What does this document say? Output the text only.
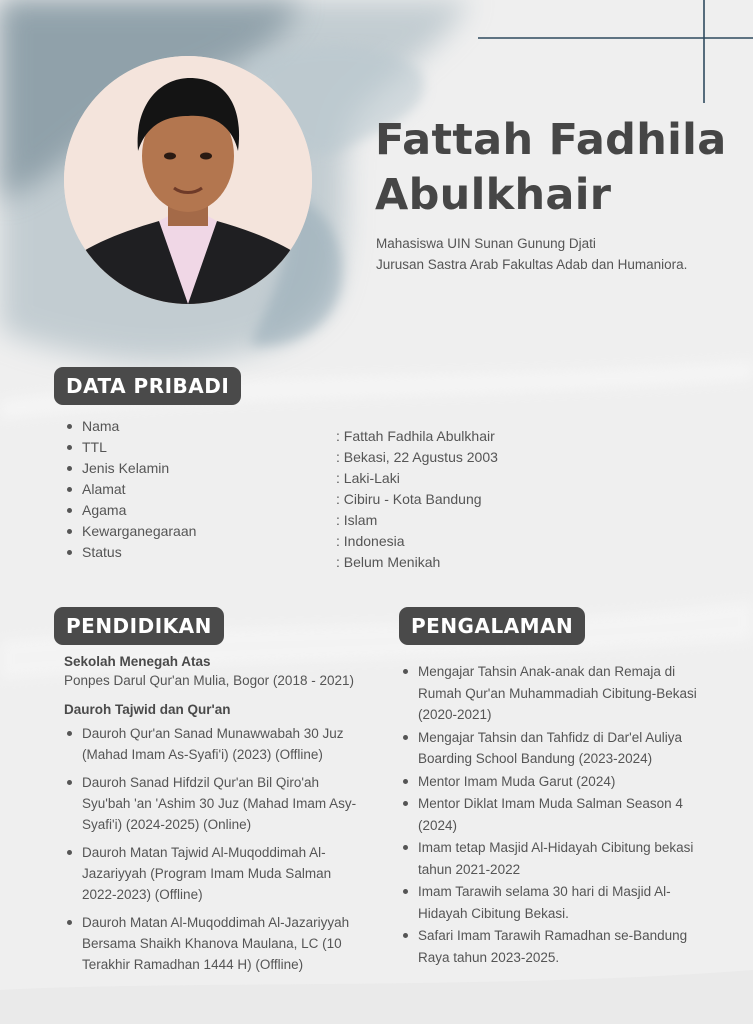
Fattah Fadhila
Abulkhair
Mahasiswa UIN Sunan Gunung Djati
Jurusan Sastra Arab Fakultas Adab dan Humaniora.
DATA PRIBADI
Nama
TTL
Jenis Kelamin
Alamat
Agama
Kewarganegaraan
Status
: Fattah Fadhila Abulkhair
: Bekasi, 22 Agustus 2003
: Laki-Laki
: Cibiru - Kota Bandung
: Islam
: Indonesia
: Belum Menikah
PENDIDIKAN
Sekolah Menegah Atas

Ponpes Darul Qur'an Mulia, Bogor (2018 - 2021)

Dauroh Tajwid dan Qur'an
Dauroh Qur'an Sanad Munawwabah 30 Juz
(Mahad Imam As-Syafi'i) (2023) (Offline)
Dauroh Sanad Hifdzil Qur'an Bil Qiro'ah
Syu'bah 'an 'Ashim 30 Juz (Mahad Imam Asy-
Syafi'i) (2024-2025) (Online)
Dauroh Matan Tajwid Al-Muqoddimah Al-
Jazariyyah (Program Imam Muda Salman
2022-2023) (Offline)
Dauroh Matan Al-Muqoddimah Al-Jazariyyah
Bersama Shaikh Khanova Maulana, LC (10
Terakhir Ramadhan 1444 H) (Offline)
PENGALAMAN
Mengajar Tahsin Anak-anak dan Remaja di
Rumah Qur'an Muhammadiah Cibitung-Bekasi
(2020-2021)
Mengajar Tahsin dan Tahfidz di Dar'el Auliya
Boarding School Bandung (2023-2024)
Mentor Imam Muda Garut (2024)
Mentor Diklat Imam Muda Salman Season 4
(2024)
Imam tetap Masjid Al-Hidayah Cibitung bekasi
tahun 2021-2022
Imam Tarawih selama 30 hari di Masjid Al-
Hidayah Cibitung Bekasi.
Safari Imam Tarawih Ramadhan se-Bandung
Raya tahun 2023-2025.
